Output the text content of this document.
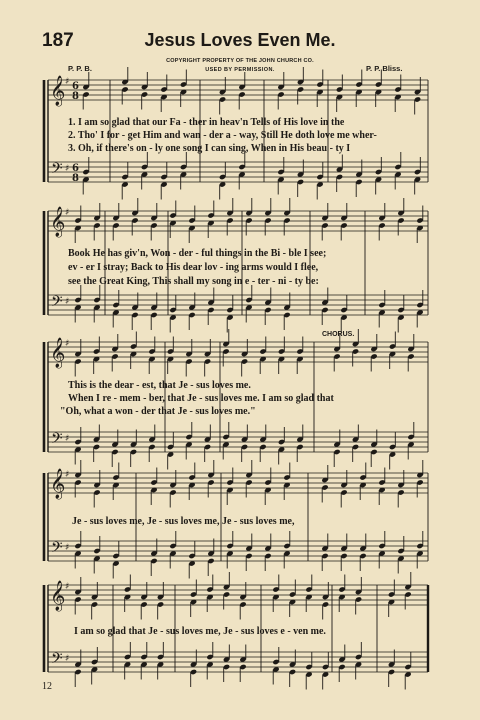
187	Jesus Loves Even Me.
COPYRIGHT PROPERTY OF THE JOHN CHURCH CO.
USED BY PERMISSION.
P. P. B.	P. P. Bliss.
CHORUS.
𝄞
𝄢
♯
♯
6
8
6
8
𝄞
𝄢
♯
♯
𝄞
𝄢
♯
♯
𝄞
𝄢
♯
♯
𝄞
𝄢
♯
♯
1. I am so glad that our Fa - ther in heav'n Tells of His love in the
2. Tho' I for - get Him and wan - der a - way, Still He doth love me wher-
3. Oh, if there's on - ly one song I can sing, When in His beau - ty I
Book He has giv'n, Won - der - ful things in the Bi - ble I see;
ev - er I stray; Back to His dear lov - ing arms would I flee,
see the Great King, This shall my song in e - ter - ni - ty be:
This is the dear - est, that Je - sus loves me.
When I re - mem - ber, that Je - sus loves me. I am so glad that
"Oh, what a won - der that Je - sus loves me."
Je - sus loves me, Je - sus loves me, Je - sus loves me,
I am so glad that Je - sus loves me, Je - sus loves e - ven me.
12
